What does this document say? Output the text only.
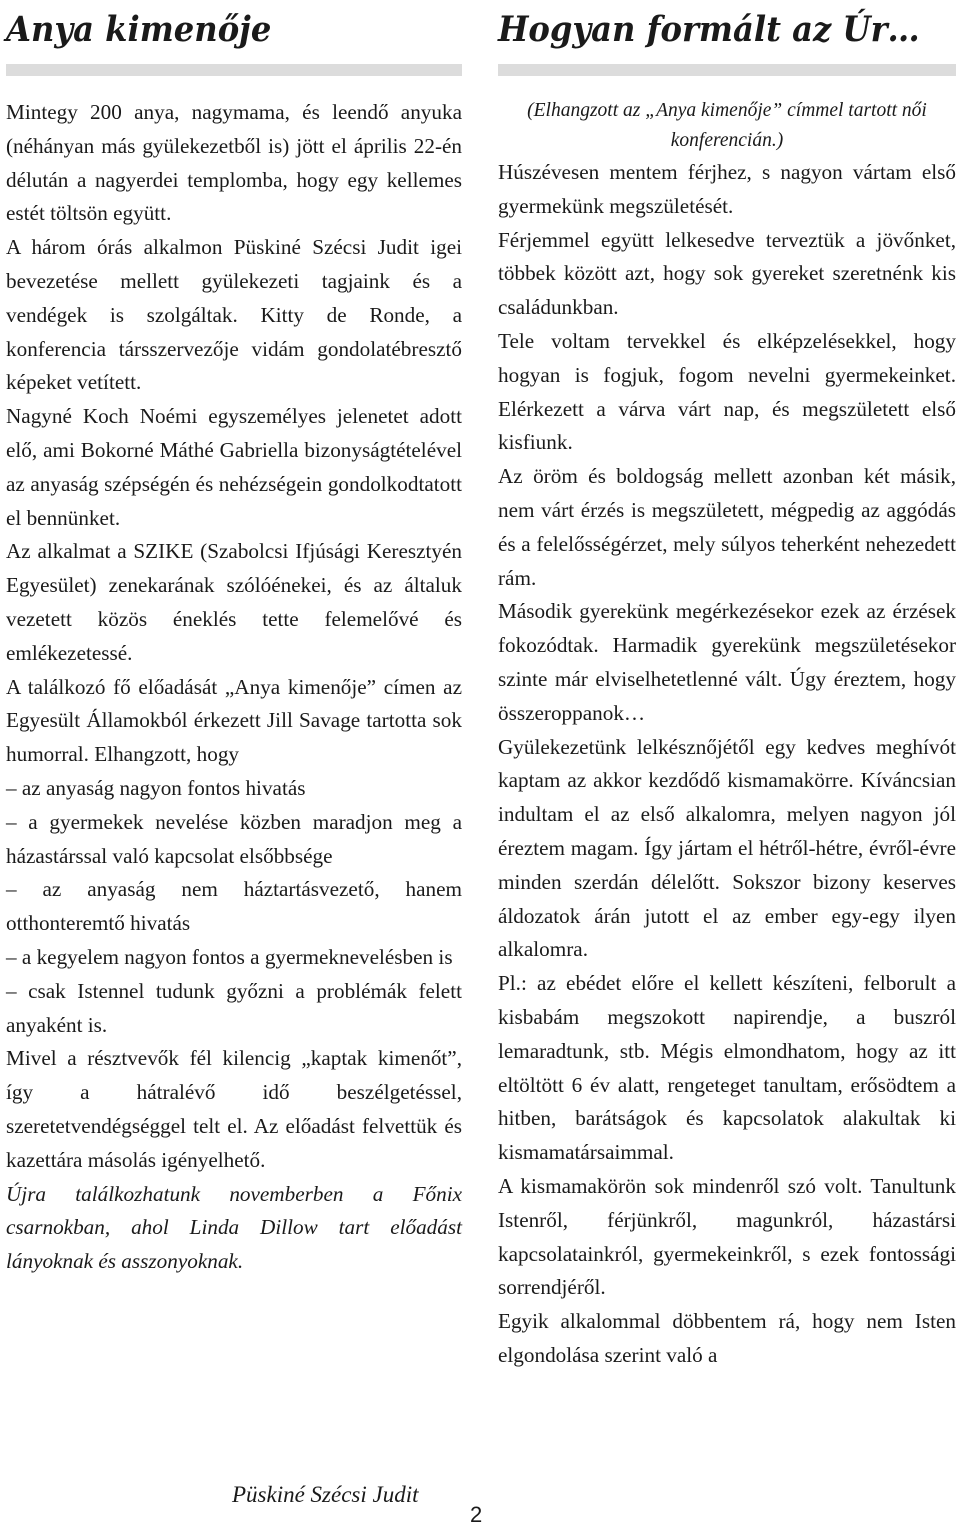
Anya kimenője

Mintegy 200 anya, nagymama, és leendő anyuka (néhányan más gyülekezetből is) jött el április 22-én délután a nagyerdei templomba, hogy egy kellemes estét töltsön együtt.

A három órás alkalmon Püskiné Szécsi Judit igei bevezetése mellett gyülekezeti tagjaink és a vendégek is szolgáltak. Kitty de Ronde, a konferencia társszervezője vidám gondolatébresztő képeket vetített.

Nagyné Koch Noémi egyszemélyes jelenetet adott elő, ami Bokorné Máthé Gabriella bizonyságtételével az anyaság szépségén és nehézségein gondolkodtatott el bennünket.

Az alkalmat a SZIKE (Szabolcsi Ifjúsági Keresztyén Egyesület) zenekarának szólóénekei, és az általuk vezetett közös éneklés tette felemelővé és emlékezetessé.

A találkozó fő előadását „Anya kimenője” címen az Egyesült Államokból érkezett Jill Savage tartotta sok humorral. Elhangzott, hogy

– az anyaság nagyon fontos hivatás

– a gyermekek nevelése közben maradjon meg a házastárssal való kapcsolat elsőbbsége

– az anyaság nem háztartásvezető, hanem otthonteremtő hivatás

– a kegyelem nagyon fontos a gyermeknevelésben is

– csak Istennel tudunk győzni a problémák felett anyaként is.

Mivel a résztvevők fél kilencig „kaptak kimenőt”, így a hátralévő idő beszélgetéssel, szeretetvendégséggel telt el. Az előadást felvettük és kazettára másolás igényelhető.

Újra találkozhatunk novemberben a Főnix csarnokban, ahol Linda Dillow tart előadást lányoknak és asszonyoknak.

Püskiné Szécsi Judit
2
Hogyan formált az Úr…

(Elhangzott az „Anya kimenője” címmel tartott női konferencián.)

Húszévesen mentem férjhez, s nagyon vártam első gyermekünk megszületését.

Férjemmel együtt lelkesedve terveztük a jövőnket, többek között azt, hogy sok gyereket szeretnénk kis családunkban.

Tele voltam tervekkel és elképzelésekkel, hogy hogyan is fogjuk, fogom nevelni gyermekeinket. Elérkezett a várva várt nap, és megszületett első kisfiunk.

Az öröm és boldogság mellett azonban két másik, nem várt érzés is megszületett, mégpedig az aggódás és a felelősségérzet, mely súlyos teherként nehezedett rám.

Második gyerekünk megérkezésekor ezek az érzések fokozódtak. Harmadik gyerekünk megszületésekor szinte már elviselhetetlenné vált. Úgy éreztem, hogy összeroppanok…

Gyülekezetünk lelkésznőjétől egy kedves meghívót kaptam az akkor kezdődő kismamakörre. Kíváncsian indultam el az első alkalomra, melyen nagyon jól éreztem magam. Így jártam el hétről-hétre, évről-évre minden szerdán délelőtt. Sokszor bizony keserves áldozatok árán jutott el az ember egy-egy ilyen alkalomra.

Pl.: az ebédet előre el kellett készíteni, felborult a kisbabám megszokott napirendje, a buszról lemaradtunk, stb. Mégis elmondhatom, hogy az itt eltöltött 6 év alatt, rengeteget tanultam, erősödtem a hitben, barátságok és kapcsolatok alakultak ki kismamatársaimmal.

A kismamakörön sok mindenről szó volt. Tanultunk Istenről, férjünkről, magunkról, házastársi kapcsolatainkról, gyermekeinkről, s ezek fontossági sorrendjéről.

Egyik alkalommal döbbentem rá, hogy nem Isten elgondolása szerint való a
